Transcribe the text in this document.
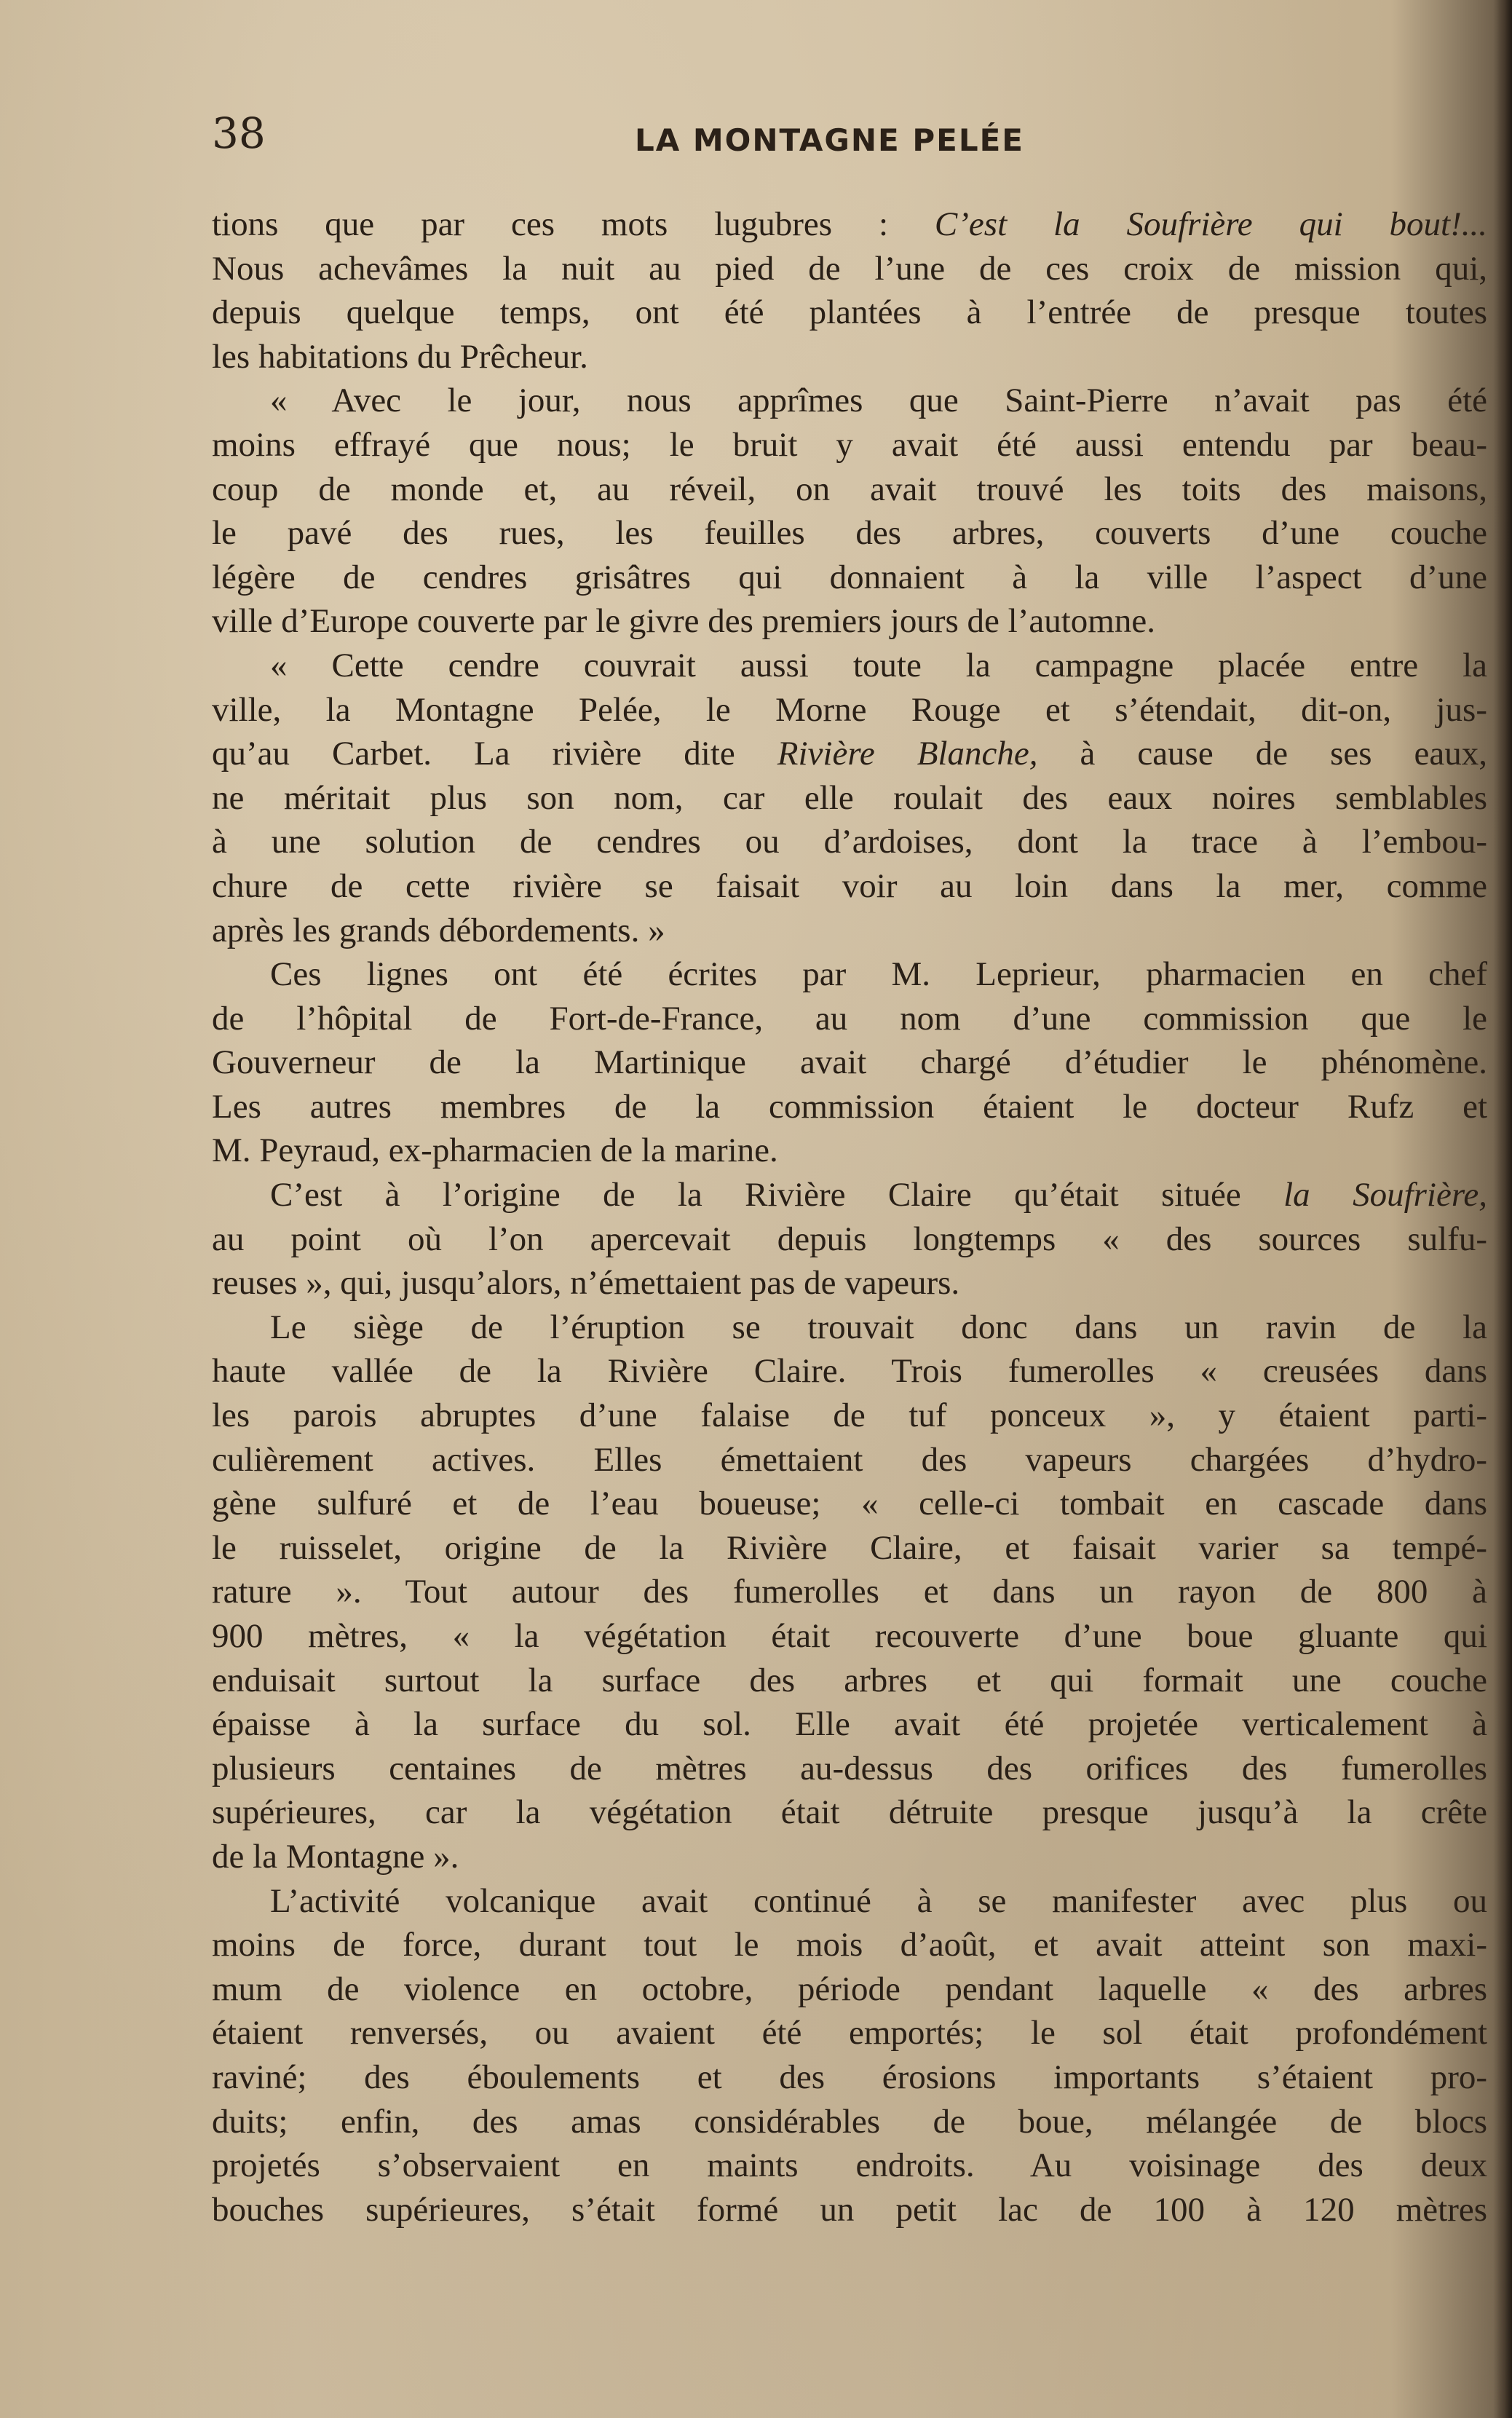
38	LA MONTAGNE PELÉE
tions que par ces mots lugubres : C’est la Soufrière qui bout!...
Nous achevâmes la nuit au pied de l’une de ces croix de mission qui,
depuis quelque temps, ont été plantées à l’entrée de presque toutes
les habitations du Prêcheur.
« Avec le jour, nous apprîmes que Saint-Pierre n’avait pas été
moins effrayé que nous; le bruit y avait été aussi entendu par beau-
coup de monde et, au réveil, on avait trouvé les toits des maisons,
le pavé des rues, les feuilles des arbres, couverts d’une couche
légère de cendres grisâtres qui donnaient à la ville l’aspect d’une
ville d’Europe couverte par le givre des premiers jours de l’automne.
« Cette cendre couvrait aussi toute la campagne placée entre la
ville, la Montagne Pelée, le Morne Rouge et s’étendait, dit-on, jus-
qu’au Carbet. La rivière dite Rivière Blanche, à cause de ses eaux,
ne méritait plus son nom, car elle roulait des eaux noires semblables
à une solution de cendres ou d’ardoises, dont la trace à l’embou-
chure de cette rivière se faisait voir au loin dans la mer, comme
après les grands débordements. »
Ces lignes ont été écrites par M. Leprieur, pharmacien en chef
de l’hôpital de Fort-de-France, au nom d’une commission que le
Gouverneur de la Martinique avait chargé d’étudier le phénomène.
Les autres membres de la commission étaient le docteur Rufz et
M. Peyraud, ex-pharmacien de la marine.
C’est à l’origine de la Rivière Claire qu’était située la Soufrière,
au point où l’on apercevait depuis longtemps « des sources sulfu-
reuses », qui, jusqu’alors, n’émettaient pas de vapeurs.
Le siège de l’éruption se trouvait donc dans un ravin de la
haute vallée de la Rivière Claire. Trois fumerolles « creusées dans
les parois abruptes d’une falaise de tuf ponceux », y étaient parti-
culièrement actives. Elles émettaient des vapeurs chargées d’hydro-
gène sulfuré et de l’eau boueuse; « celle-ci tombait en cascade dans
le ruisselet, origine de la Rivière Claire, et faisait varier sa tempé-
rature ». Tout autour des fumerolles et dans un rayon de 800 à
900 mètres, « la végétation était recouverte d’une boue gluante qui
enduisait surtout la surface des arbres et qui formait une couche
épaisse à la surface du sol. Elle avait été projetée verticalement à
plusieurs centaines de mètres au-dessus des orifices des fumerolles
supérieures, car la végétation était détruite presque jusqu’à la crête
de la Montagne ».
L’activité volcanique avait continué à se manifester avec plus ou
moins de force, durant tout le mois d’août, et avait atteint son maxi-
mum de violence en octobre, période pendant laquelle « des arbres
étaient renversés, ou avaient été emportés; le sol était profondément
raviné; des éboulements et des érosions importants s’étaient pro-
duits; enfin, des amas considérables de boue, mélangée de blocs
projetés s’observaient en maints endroits. Au voisinage des deux
bouches supérieures, s’était formé un petit lac de 100 à 120 mètres
